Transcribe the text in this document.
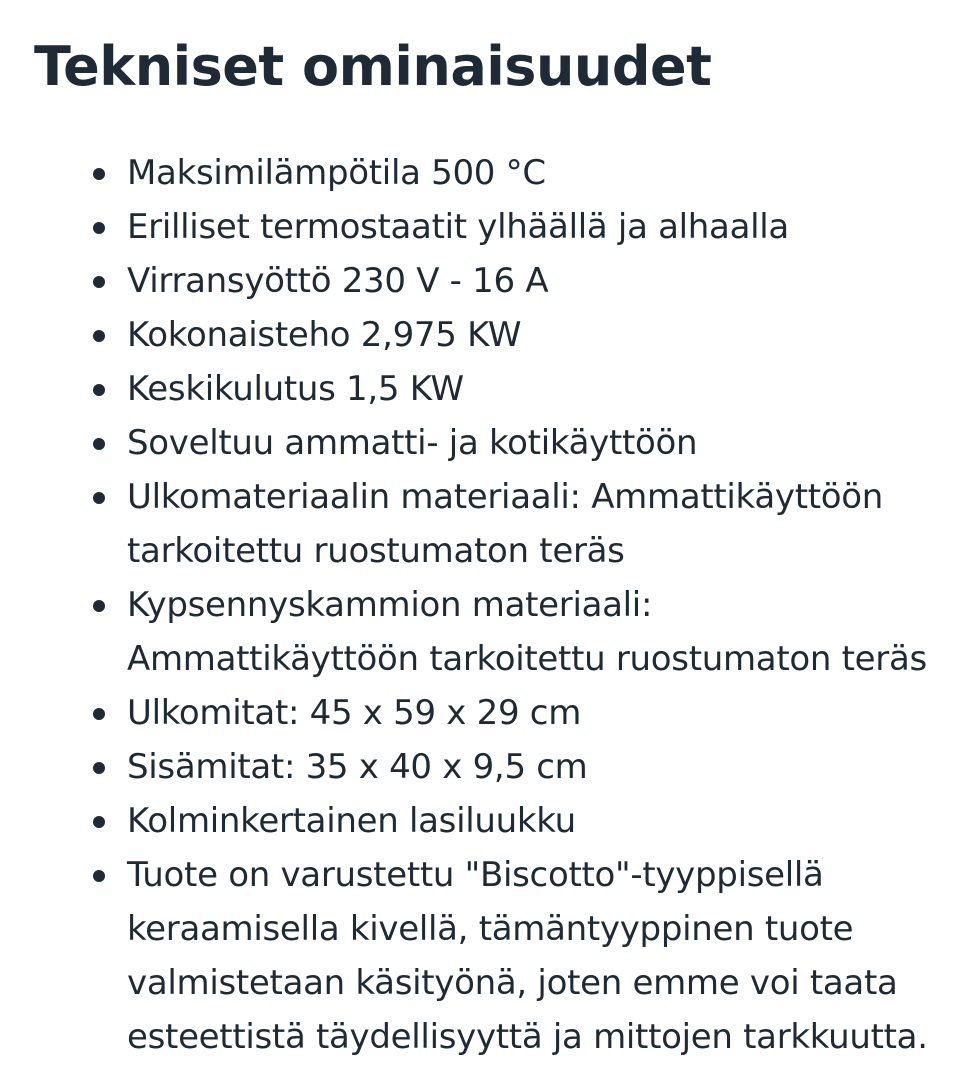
Tekniset ominaisuudet
Maksimilämpötila 500 °C
Erilliset termostaatit ylhäällä ja alhaalla
Virransyöttö 230 V - 16 A
Kokonaisteho 2,975 KW
Keskikulutus 1,5 KW
Soveltuu ammatti- ja kotikäyttöön
Ulkomateriaalin materiaali: Ammattikäyttöön
tarkoitettu ruostumaton teräs
Kypsennyskammion materiaali:
Ammattikäyttöön tarkoitettu ruostumaton teräs
Ulkomitat: 45 x 59 x 29 cm
Sisämitat: 35 x 40 x 9,5 cm
Kolminkertainen lasiluukku
Tuote on varustettu "Biscotto"-tyyppisellä
keraamisella kivellä, tämäntyyppinen tuote
valmistetaan käsityönä, joten emme voi taata
esteettistä täydellisyyttä ja mittojen tarkkuutta.
